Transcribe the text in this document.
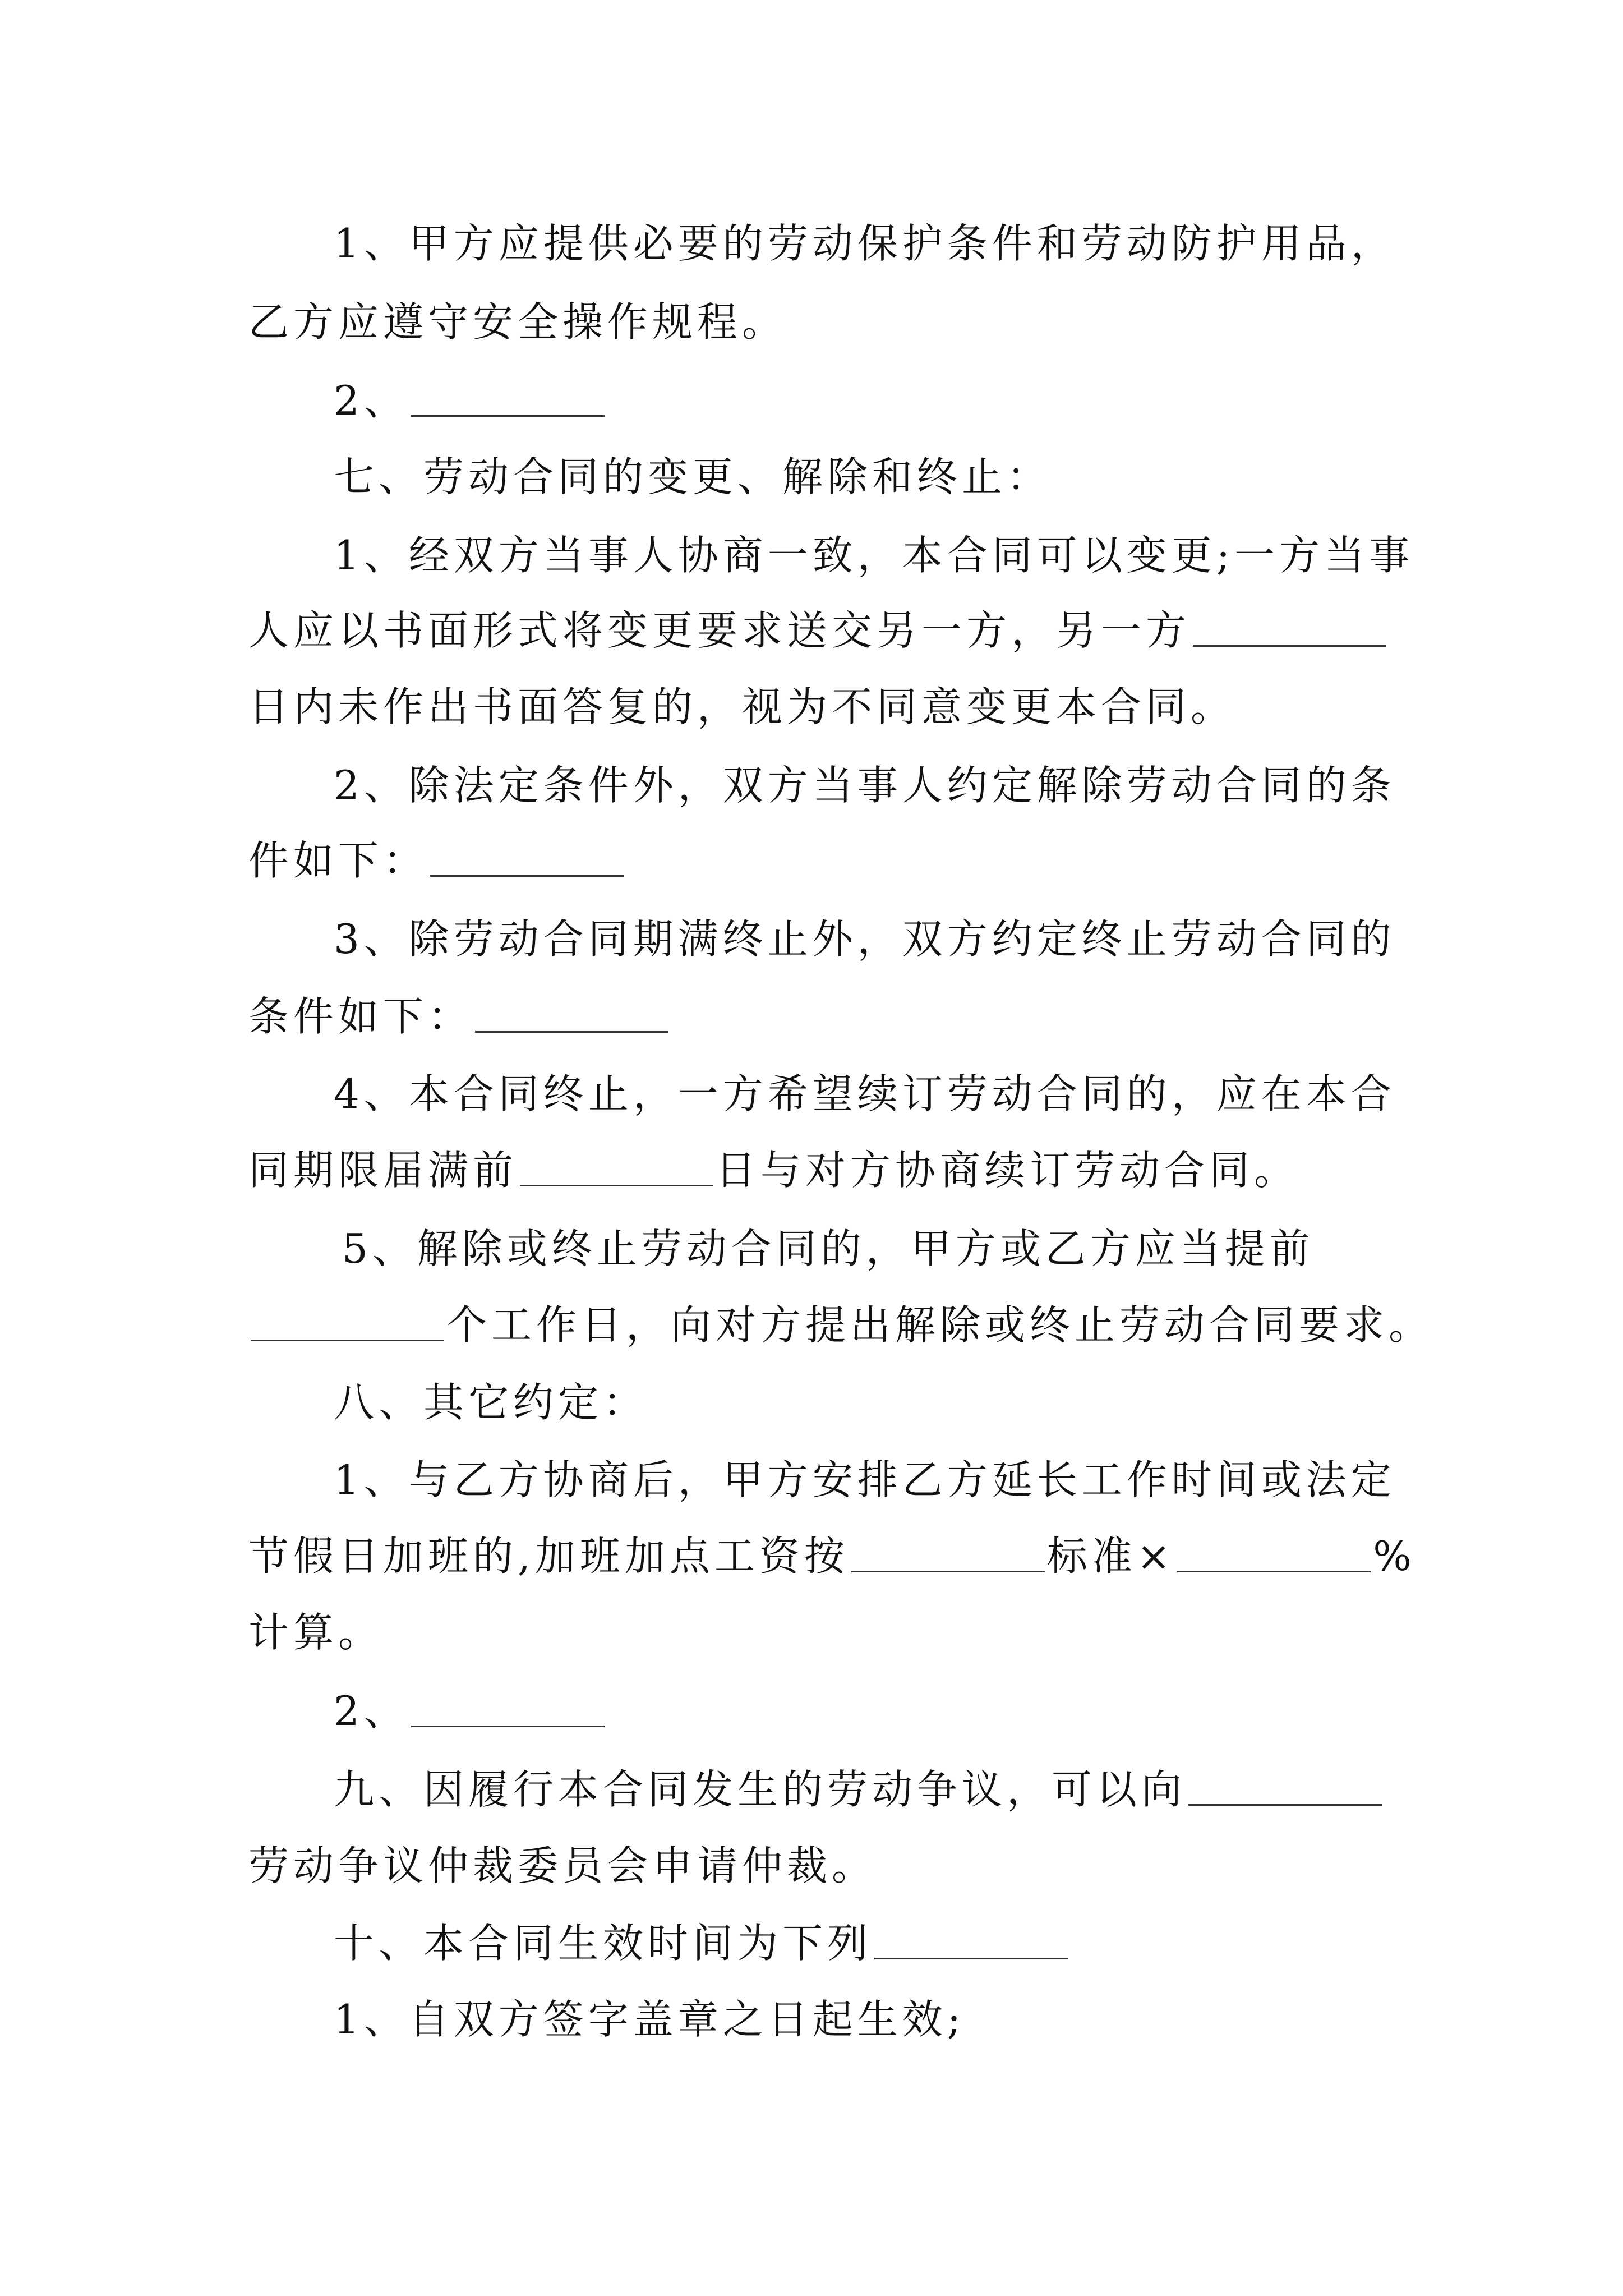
1、甲方应提供必要的劳动保护条件和劳动防护用品，
乙方应遵守安全操作规程。
2、
七、劳动合同的变更、解除和终止：
1、经双方当事人协商一致，本合同可以变更;一方当事
人应以书面形式将变更要求送交另一方，另一方
日内未作出书面答复的，视为不同意变更本合同。
2、除法定条件外，双方当事人约定解除劳动合同的条
件如下：
3、除劳动合同期满终止外，双方约定终止劳动合同的
条件如下：
4、本合同终止，一方希望续订劳动合同的，应在本合
同期限届满前	日与对方协商续订劳动合同。
5、解除或终止劳动合同的，甲方或乙方应当提前
个工作日，向对方提出解除或终止劳动合同要求。
八、其它约定：
1、与乙方协商后，甲方安排乙方延长工作时间或法定
节假日加班的,加班加点工资按	标准×	%
计算。
2、
九、因履行本合同发生的劳动争议，可以向
劳动争议仲裁委员会申请仲裁。
十、本合同生效时间为下列
1、自双方签字盖章之日起生效;
